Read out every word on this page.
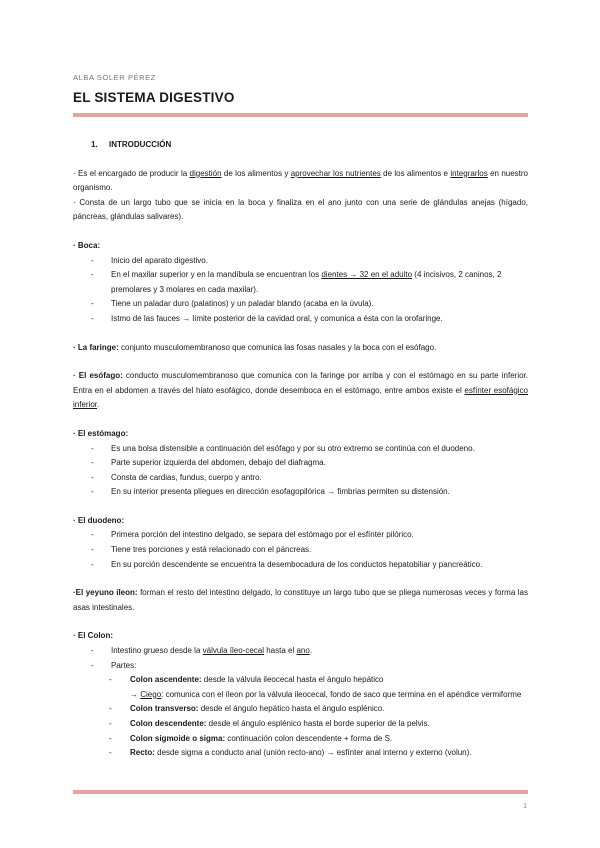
ALBA SOLER PÉREZ
EL SISTEMA DIGESTIVO
1. INTRODUCCIÓN

· Es el encargado de producir la digestión de los alimentos y aprovechar los nutrientes de los alimentos e integrarlos en nuestro organismo.

· Consta de un largo tubo que se inicia en la boca y finaliza en el ano junto con una serie de glándulas anejas (hígado, páncreas, glándulas salivares).

· Boca:
- Inicio del aparato digestivo.
- En el maxilar superior y en la mandíbula se encuentran los dientes → 32 en el adulto (4 incisivos, 2 caninos, 2 premolares y 3 molares en cada maxilar).
- Tiene un paladar duro (palatinos) y un paladar blando (acaba en la úvula).
- Istmo de las fauces → límite posterior de la cavidad oral, y comunica a ésta con la orofaringe.

· La faringe: conjunto musculomembranoso que comunica las fosas nasales y la boca con el esófago.

· El esófago: conducto musculomembranoso que comunica con la faringe por arriba y con el estómago en su parte inferior. Entra en el abdomen a través del hiato esofágico, donde desemboca en el estómago, entre ambos existe el esfínter esofágico inferior.

· El estómago:
- Es una bolsa distensible a continuación del esófago y por su otro extremo se continúa con el duodeno.
- Parte superior izquierda del abdomen, debajo del diafragma.
- Consta de cardias, fundus, cuerpo y antro.
- En su interior presenta pliegues en dirección esofagopilórica → fimbrias permiten su distensión.
· El duodeno:
- Primera porción del intestino delgado, se separa del estómago por el esfínter pilórico.
- Tiene tres porciones y está relacionado con el páncreas.
- En su porción descendente se encuentra la desembocadura de los conductos hepatobiliar y pancreático.

·El yeyuno íleon: forman el resto del intestino delgado, lo constituye un largo tubo que se pliega numerosas veces y forma las asas intestinales.

· El Colon:
- Intestino grueso desde la válvula íleo-cecal hasta el ano.
- Partes:
- Colon ascendente: desde la válvula ileocecal hasta el ángulo hepático
→ Ciego: comunica con el íleon por la válvula ileocecal, fondo de saco que termina en el apéndice vermiforme
- Colon transverso: desde el ángulo hepático hasta el ángulo esplénico.
- Colon descendente: desde el ángulo esplénico hasta el borde superior de la pelvis.
- Colon sigmoide o sigma: continuación colon descendente + forma de S.
- Recto: desde sigma a conducto anal (unión recto-ano) → esfínter anal interno y externo (volun).
1
